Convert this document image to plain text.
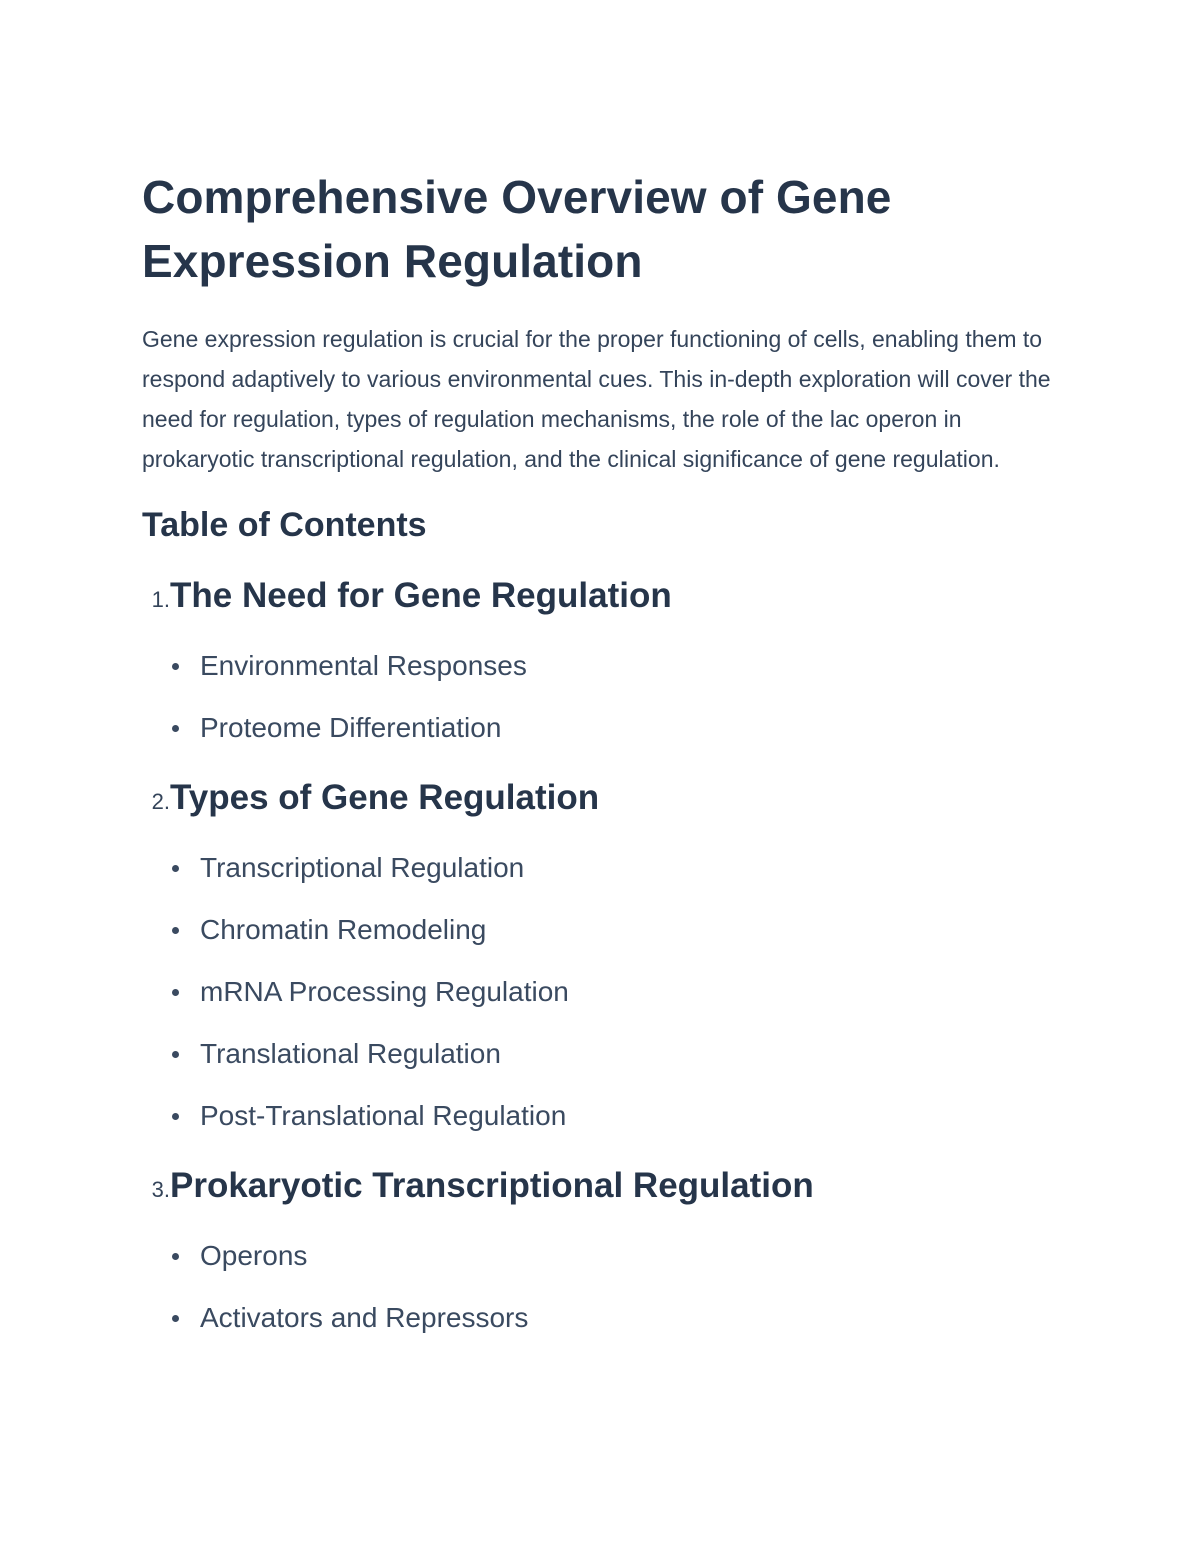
Comprehensive Overview of Gene Expression Regulation

Gene expression regulation is crucial for the proper functioning of cells, enabling them to respond adaptively to various environmental cues. This in-depth exploration will cover the need for regulation, types of regulation mechanisms, the role of the lac operon in prokaryotic transcriptional regulation, and the clinical significance of gene regulation.

Table of Contents
1. The Need for Gene Regulation
Environmental Responses
Proteome Differentiation
2. Types of Gene Regulation
Transcriptional Regulation
Chromatin Remodeling
mRNA Processing Regulation
Translational Regulation
Post-Translational Regulation
3. Prokaryotic Transcriptional Regulation
Operons
Activators and Repressors
